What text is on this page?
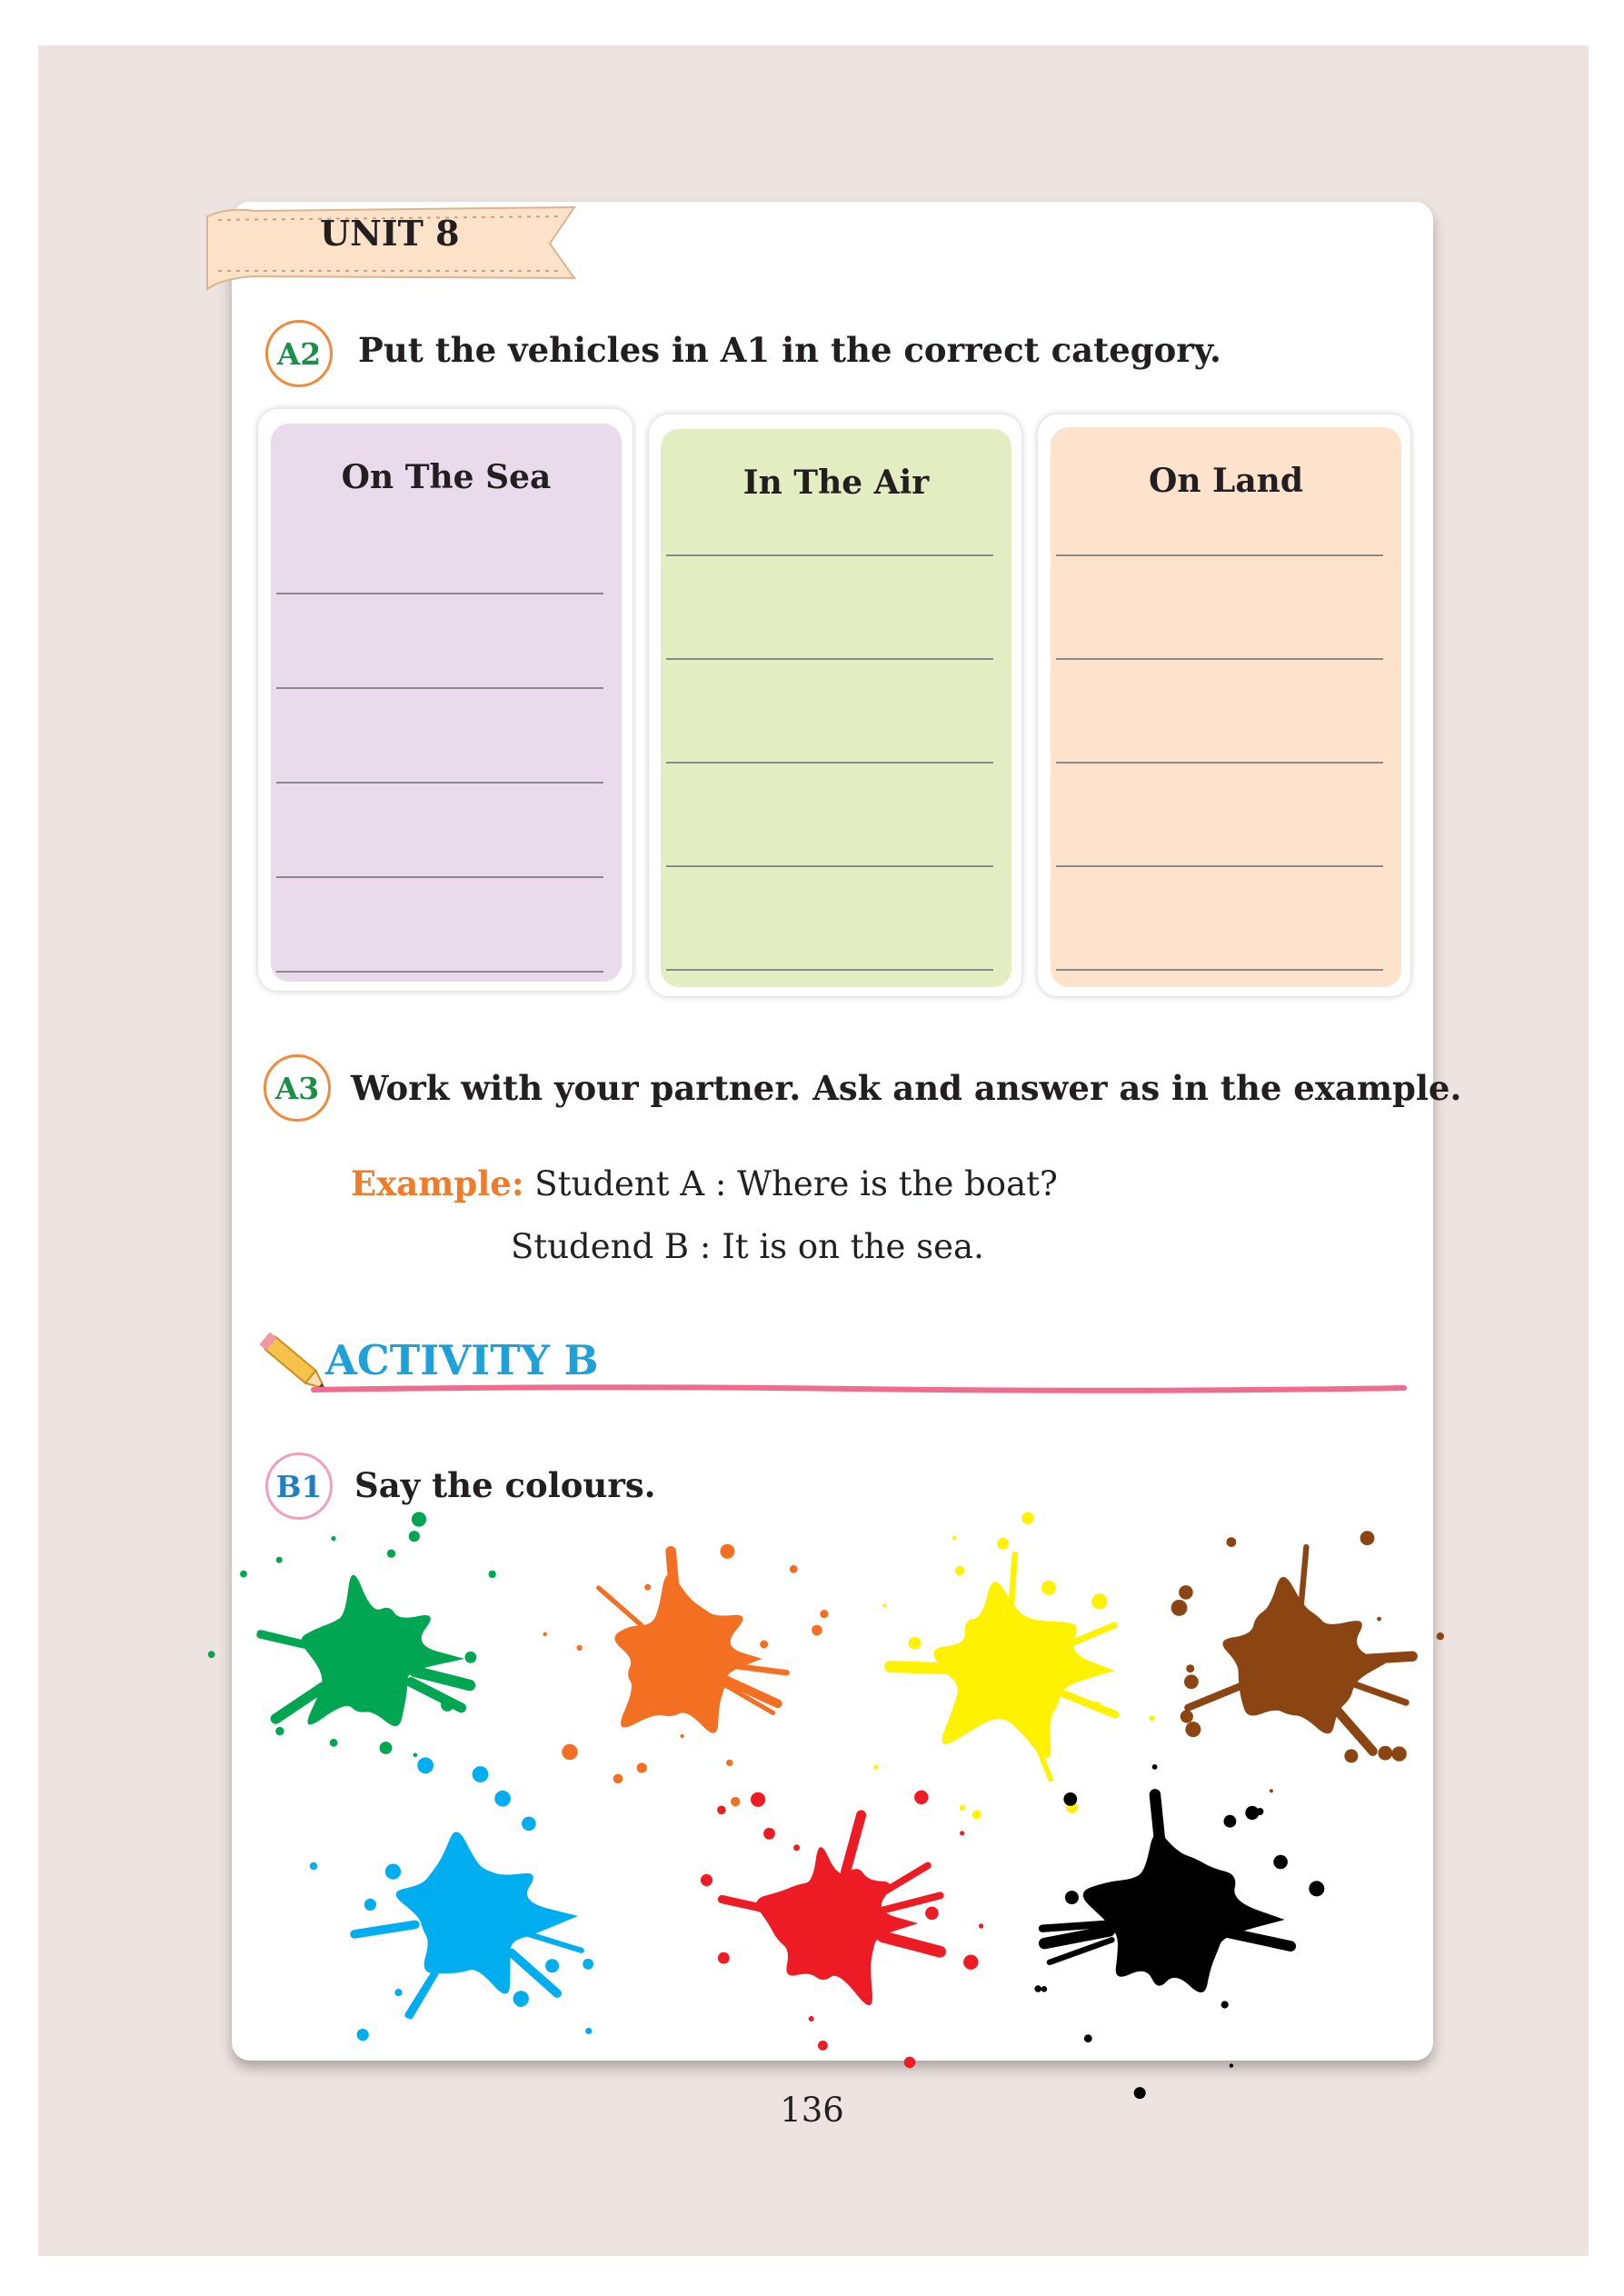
UNIT 8
A2	Put the vehicles in A1 in the correct category.
On The Sea	In The Air	On Land
A3 Work with your partner. Ask and answer as in the example.
Example: Student A : Where is the boat?
Studend B : It is on the sea.
ACTIVITY B
B1 Say the colours.
136
